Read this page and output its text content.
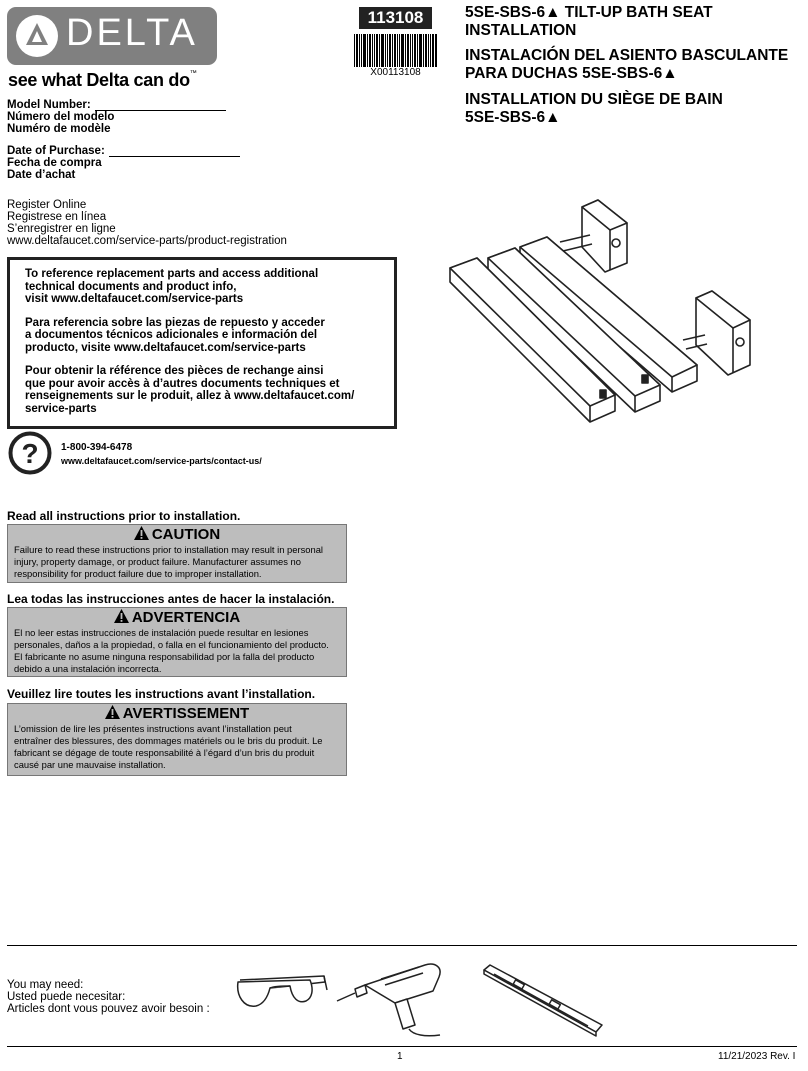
DELTA
see what Delta can do™
113108
X00113108
5SE-SBS-6▲ TILT-UP BATH SEAT
INSTALLATION
INSTALACIÓN DEL ASIENTO BASCULANTE
PARA DUCHAS 5SE-SBS-6▲
INSTALLATION DU SIÈGE DE BAIN
5SE-SBS-6▲
Model Number:
Número del modelo
Numéro de modèle
Date of Purchase:
Fecha de compra
Date d’achat
Register Online
Registrese en línea
S’enregistrer en ligne
www.deltafaucet.com/service-parts/product-registration

To reference replacement parts and access additional
technical documents and product info,
visit www.deltafaucet.com/service-parts

Para referencia sobre las piezas de repuesto y acceder
a documentos técnicos adicionales e información del
producto, visite www.deltafaucet.com/service-parts

Pour obtenir la référence des pièces de rechange ainsi
que pour avoir accès à d’autres documents techniques et
renseignements sur le produit, allez à www.deltafaucet.com/
service-parts

? 1-800-394-6478
www.deltafaucet.com/service-parts/contact-us/
Read all instructions prior to installation.
CAUTION
Failure to read these instructions prior to installation may result in personal
injury, property damage, or product failure. Manufacturer assumes no
responsibility for product failure due to improper installation.
Lea todas las instrucciones antes de hacer la instalación.
ADVERTENCIA
El no leer estas instrucciones de instalación puede resultar en lesiones
personales, daños a la propiedad, o falla en el funcionamiento del producto.
El fabricante no asume ninguna responsabilidad por la falla del producto
debido a una instalación incorrecta.
Veuillez lire toutes les instructions avant l’installation.
AVERTISSEMENT
L’omission de lire les présentes instructions avant l’installation peut
entraîner des blessures, des dommages matériels ou le bris du produit. Le
fabricant se dégage de toute responsabilité à l’égard d’un bris du produit
causé par une mauvaise installation.
You may need:
Usted puede necesitar:
Articles dont vous pouvez avoir besoin :
1	11/21/2023 Rev. I
